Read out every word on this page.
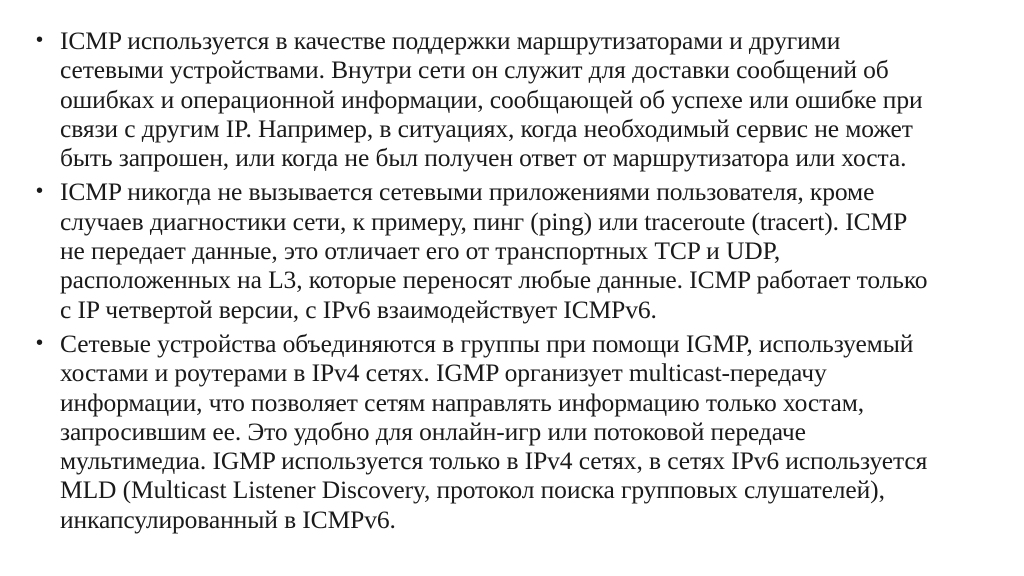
• ICMP используется в качестве поддержки маршрутизаторами и другими
сетевыми устройствами. Внутри сети он служит для доставки сообщений об
ошибках и операционной информации, сообщающей об успехе или ошибке при
связи с другим IP. Например, в ситуациях, когда необходимый сервис не может
быть запрошен, или когда не был получен ответ от маршрутизатора или хоста.
• ICMP никогда не вызывается сетевыми приложениями пользователя, кроме
случаев диагностики сети, к примеру, пинг (ping) или traceroute (tracert). ICMP
не передает данные, это отличает его от транспортных TCP и UDP,
расположенных на L3, которые переносят любые данные. ICMP работает только
с IP четвертой версии, с IPv6 взаимодействует ICMPv6.
• Сетевые устройства объединяются в группы при помощи IGMP, используемый
хостами и роутерами в IPv4 сетях. IGMP организует multicast-передачу
информации, что позволяет сетям направлять информацию только хостам,
запросившим ее. Это удобно для онлайн-игр или потоковой передаче
мультимедиа. IGMP используется только в IPv4 сетях, в сетях IPv6 используется
MLD (Multicast Listener Discovery, протокол поиска групповых слушателей),
инкапсулированный в ICMPv6.
